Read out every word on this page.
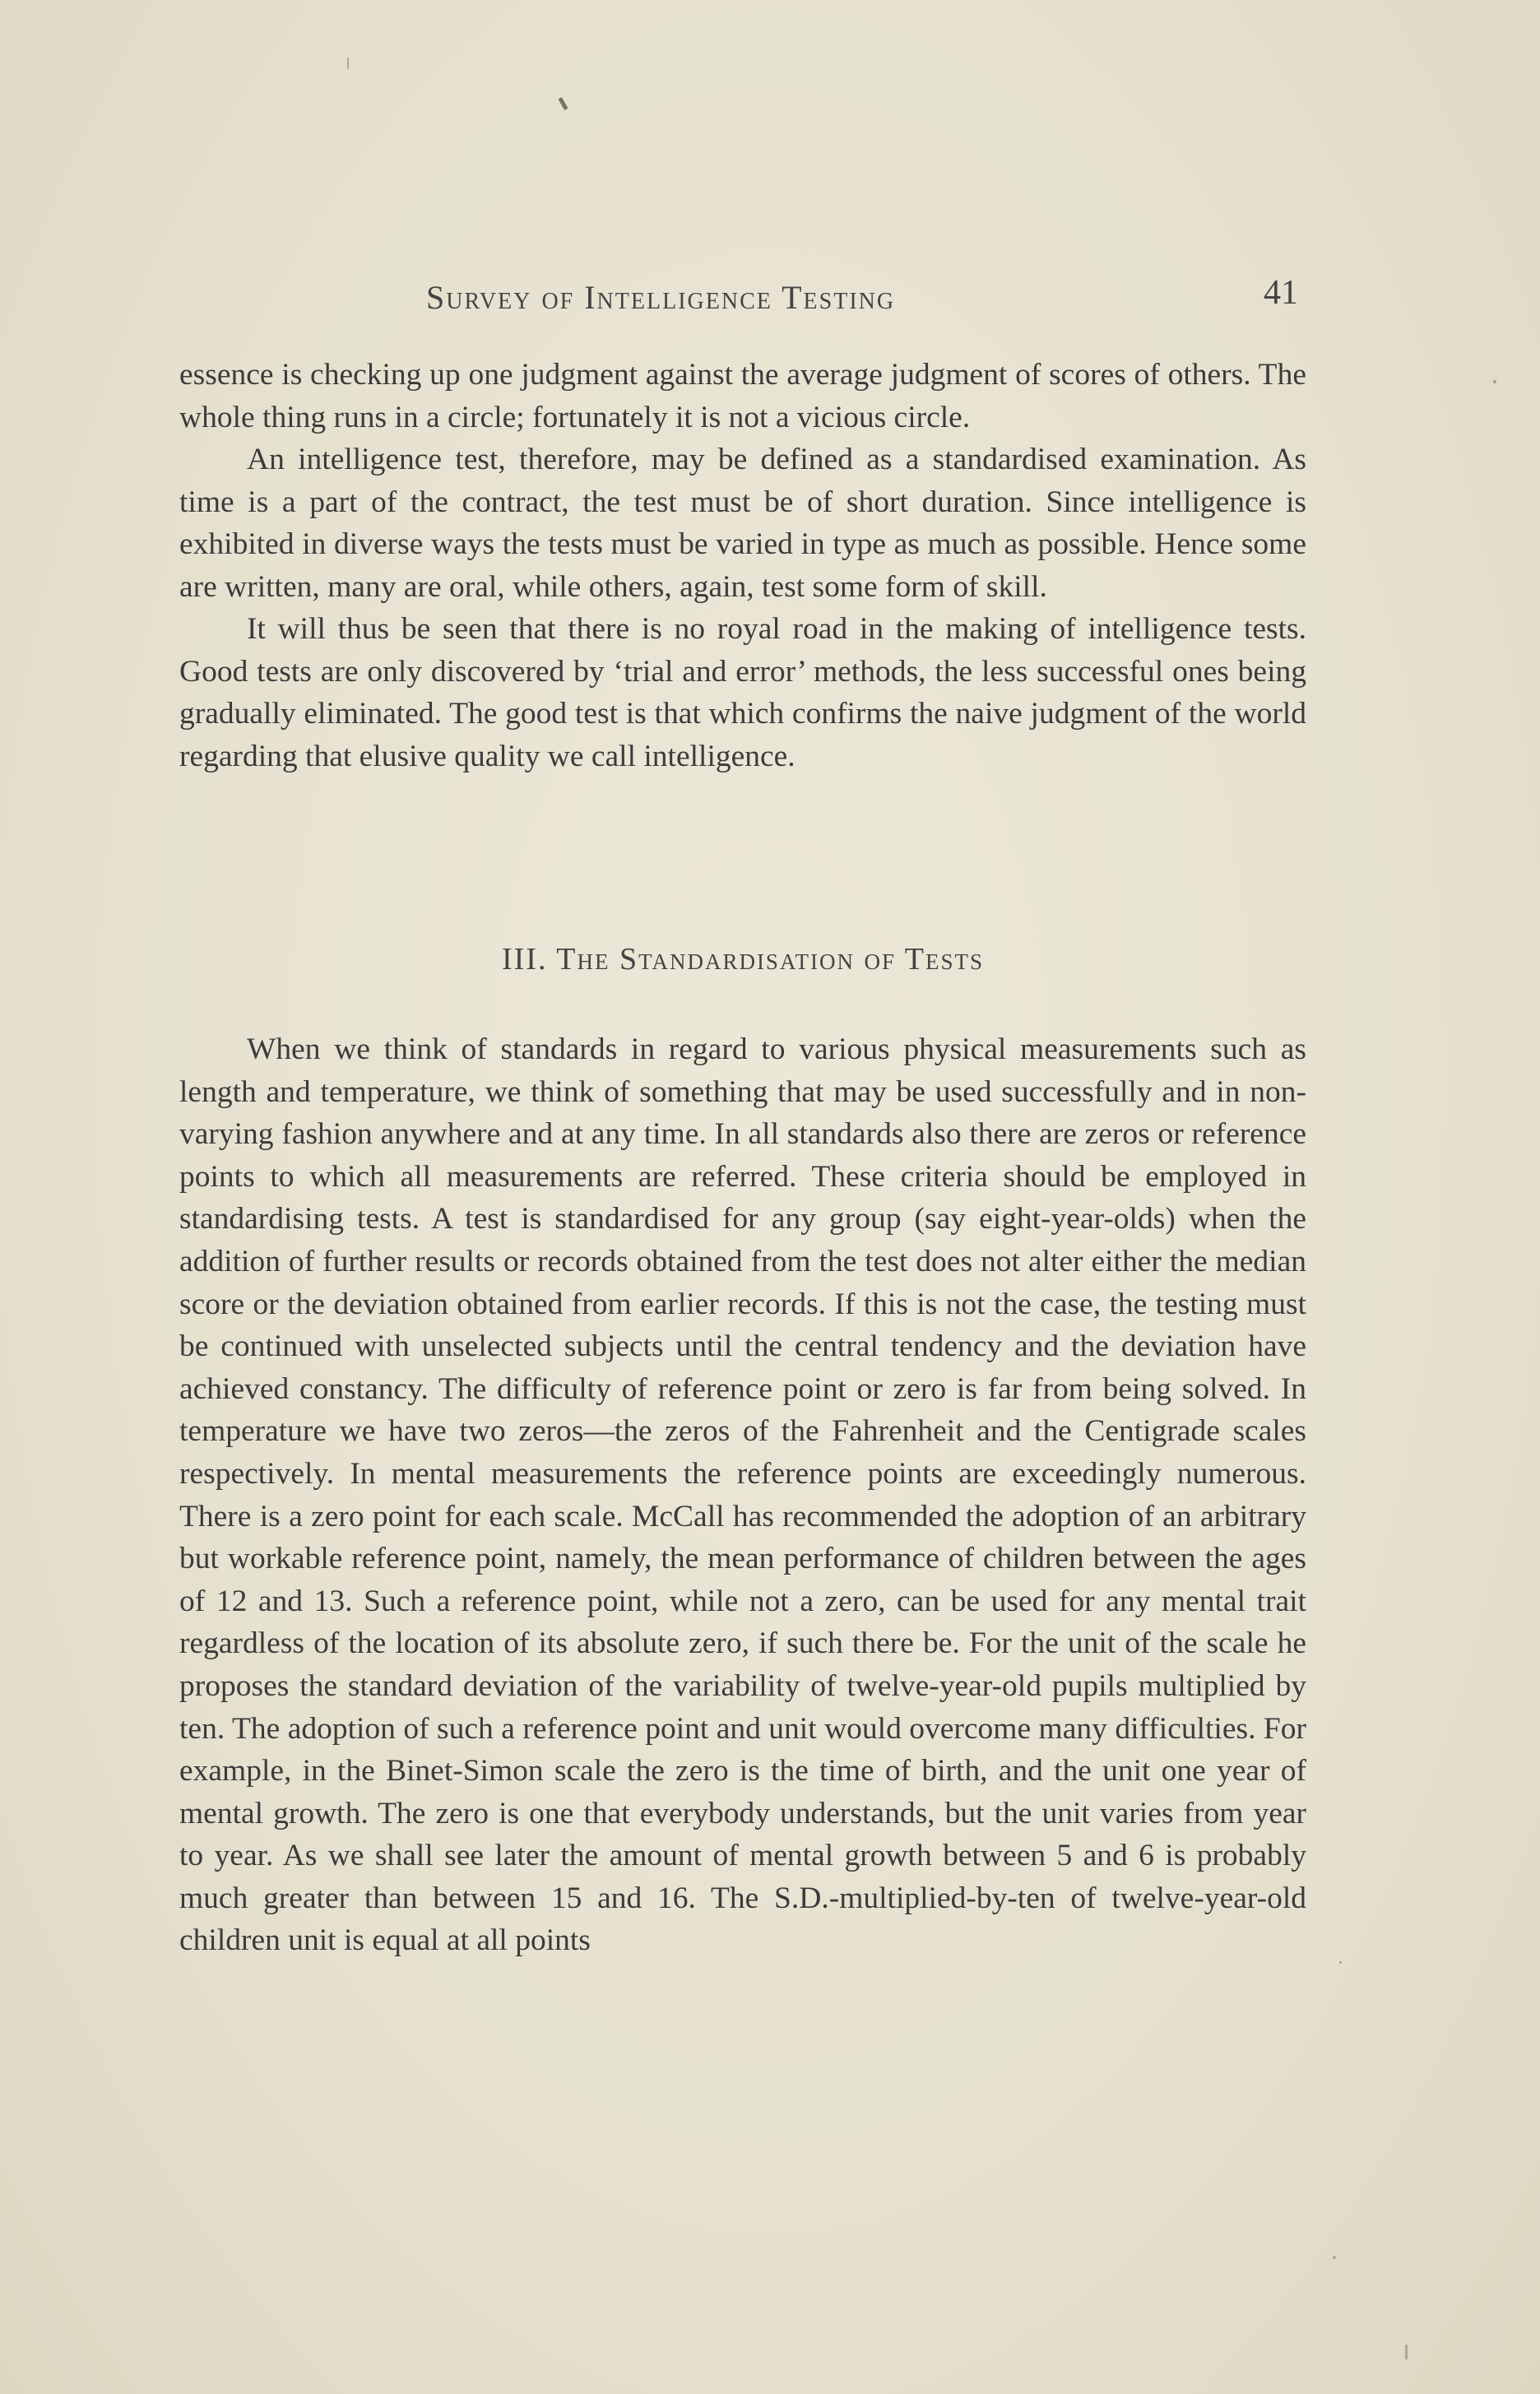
Survey of Intelligence Testing	41

essence is checking up one judgment against the average judgment of scores of others. The whole thing runs in a circle; fortunately it is not a vicious circle.

An intelligence test, therefore, may be defined as a standardised examination. As time is a part of the contract, the test must be of short duration. Since intelligence is exhibited in diverse ways the tests must be varied in type as much as possible. Hence some are written, many are oral, while others, again, test some form of skill.

It will thus be seen that there is no royal road in the making of intelligence tests. Good tests are only discovered by ‘trial and error’ methods, the less successful ones being gradually eliminated. The good test is that which confirms the naive judgment of the world regarding that elusive quality we call intelligence.

III. The Standardisation of Tests

When we think of standards in regard to various physical measurements such as length and temperature, we think of something that may be used successfully and in non-varying fashion anywhere and at any time. In all standards also there are zeros or reference points to which all measurements are referred. These criteria should be employed in standardising tests. A test is standardised for any group (say eight-year-olds) when the addition of further results or records obtained from the test does not alter either the median score or the deviation obtained from earlier records. If this is not the case, the testing must be continued with unselected subjects until the central tendency and the deviation have achieved constancy. The difficulty of reference point or zero is far from being solved. In temperature we have two zeros—the zeros of the Fahrenheit and the Centigrade scales respectively. In mental measurements the reference points are exceedingly numerous. There is a zero point for each scale. McCall has recommended the adoption of an arbitrary but workable reference point, namely, the mean performance of children between the ages of 12 and 13. Such a reference point, while not a zero, can be used for any mental trait regardless of the location of its absolute zero, if such there be. For the unit of the scale he proposes the standard deviation of the variability of twelve-year-old pupils multiplied by ten. The adoption of such a reference point and unit would overcome many difficulties. For example, in the Binet-Simon scale the zero is the time of birth, and the unit one year of mental growth. The zero is one that everybody understands, but the unit varies from year to year. As we shall see later the amount of mental growth between 5 and 6 is probably much greater than between 15 and 16. The S.D.-multiplied-by-ten of twelve-year-old children unit is equal at all points
